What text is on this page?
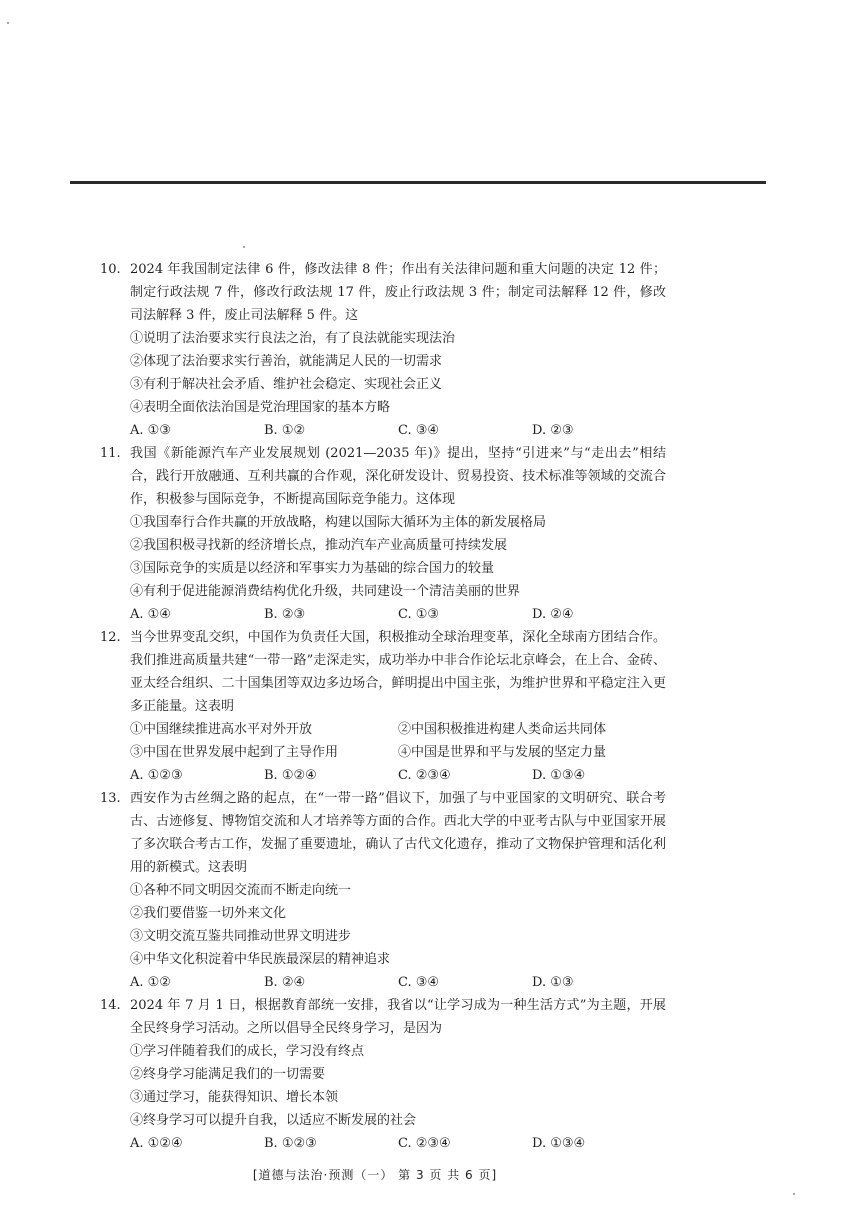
10. 2024 年我国制定法律 6 件，修改法律 8 件；作出有关法律问题和重大问题的决定 12 件；制定行政法规 7 件，修改行政法规 17 件，废止行政法规 3 件；制定司法解释 12 件，修改司法解释 3 件，废止司法解释 5 件。这
①说明了法治要求实行良法之治，有了良法就能实现法治
②体现了法治要求实行善治，就能满足人民的一切需求
③有利于解决社会矛盾、维护社会稳定、实现社会正义
④表明全面依法治国是党治理国家的基本方略
A. ①③	B. ①②	C. ③④	D. ②③
11. 我国《新能源汽车产业发展规划 (2021—2035 年)》提出，坚持“引进来”与“走出去”相结合，践行开放融通、互利共赢的合作观，深化研发设计、贸易投资、技术标准等领域的交流合作，积极参与国际竞争，不断提高国际竞争能力。这体现
①我国奉行合作共赢的开放战略，构建以国际大循环为主体的新发展格局
②我国积极寻找新的经济增长点，推动汽车产业高质量可持续发展
③国际竞争的实质是以经济和军事实力为基础的综合国力的较量
④有利于促进能源消费结构优化升级，共同建设一个清洁美丽的世界
A. ①④	B. ②③	C. ①③	D. ②④
12. 当今世界变乱交织，中国作为负责任大国，积极推动全球治理变革，深化全球南方团结合作。我们推进高质量共建“一带一路”走深走实，成功举办中非合作论坛北京峰会，在上合、金砖、亚太经合组织、二十国集团等双边多边场合，鲜明提出中国主张，为维护世界和平稳定注入更多正能量。这表明
①中国继续推进高水平对外开放	②中国积极推进构建人类命运共同体
③中国在世界发展中起到了主导作用	④中国是世界和平与发展的坚定力量
A. ①②③	B. ①②④	C. ②③④	D. ①③④
13. 西安作为古丝绸之路的起点，在“一带一路”倡议下，加强了与中亚国家的文明研究、联合考古、古迹修复、博物馆交流和人才培养等方面的合作。西北大学的中亚考古队与中亚国家开展了多次联合考古工作，发掘了重要遗址，确认了古代文化遗存，推动了文物保护管理和活化利用的新模式。这表明
①各种不同文明因交流而不断走向统一
②我们要借鉴一切外来文化
③文明交流互鉴共同推动世界文明进步
④中华文化积淀着中华民族最深层的精神追求
A. ①②	B. ②④	C. ③④	D. ①③
14. 2024 年 7 月 1 日，根据教育部统一安排，我省以“让学习成为一种生活方式”为主题，开展全民终身学习活动。之所以倡导全民终身学习，是因为
①学习伴随着我们的成长，学习没有终点
②终身学习能满足我们的一切需要
③通过学习，能获得知识、增长本领
④终身学习可以提升自我，以适应不断发展的社会
A. ①②④	B. ①②③	C. ②③④	D. ①③④
[道德与法治·预测（一） 第 3 页 共 6 页]
